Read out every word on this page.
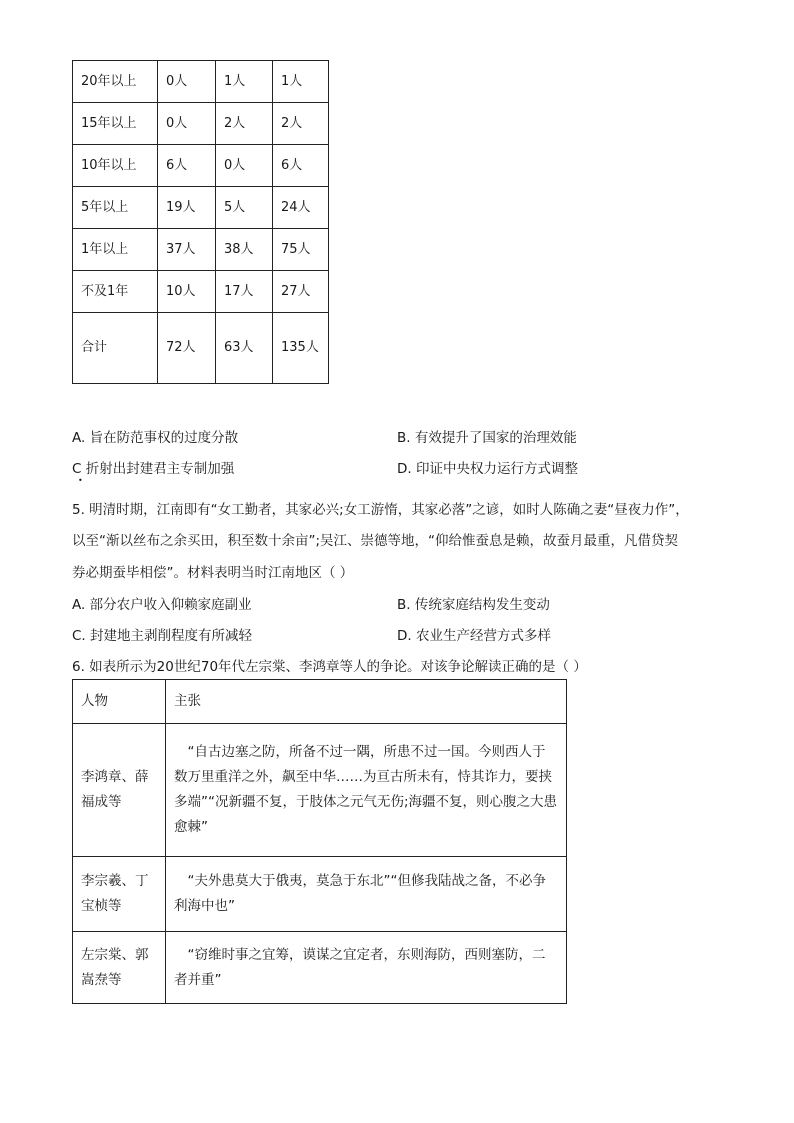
20年以上	0人	1人	1人
15年以上	0人	2人	2人
10年以上	6人	0人	6人
5年以上	19人	5人	24人
1年以上	37人	38人	75人
不及1年	10人	17人	27人
合计	72人	63人	135人
A. 旨在防范事权的过度分散	B. 有效提升了国家的治理效能
C 折射出封建君主专制加强	D. 印证中央权力运行方式调整
•
5. 明清时期，江南即有“女工勤者，其家必兴;女工游惰，其家必落”之谚，如时人陈确之妻“昼夜力作”，
以至“渐以丝布之余买田，积至数十余亩”;吴江、崇德等地，“仰给惟蚕息是赖，故蚕月最重，凡借贷契
券必期蚕毕相偿”。材料表明当时江南地区（ ）
A. 部分农户收入仰赖家庭副业	B. 传统家庭结构发生变动
C. 封建地主剥削程度有所减轻	D. 农业生产经营方式多样
6. 如表所示为20世纪70年代左宗棠、李鸿章等人的争论。对该争论解读正确的是（ ）
人物	主张
李鸿章、薛福成等	“自古边塞之防，所备不过一隅，所患不过一国。今则西人于数万里重洋之外，飙至中华……为亘古所未有，恃其诈力，要挟多端”“况新疆不复，于肢体之元气无伤;海疆不复，则心腹之大患愈棘”

李宗羲、丁宝桢等	“夫外患莫大于俄夷，莫急于东北”“但修我陆战之备，不必争利海中也”

左宗棠、郭嵩焘等	“窃维时事之宜筹，谟谋之宜定者，东则海防，西则塞防，二者并重”
